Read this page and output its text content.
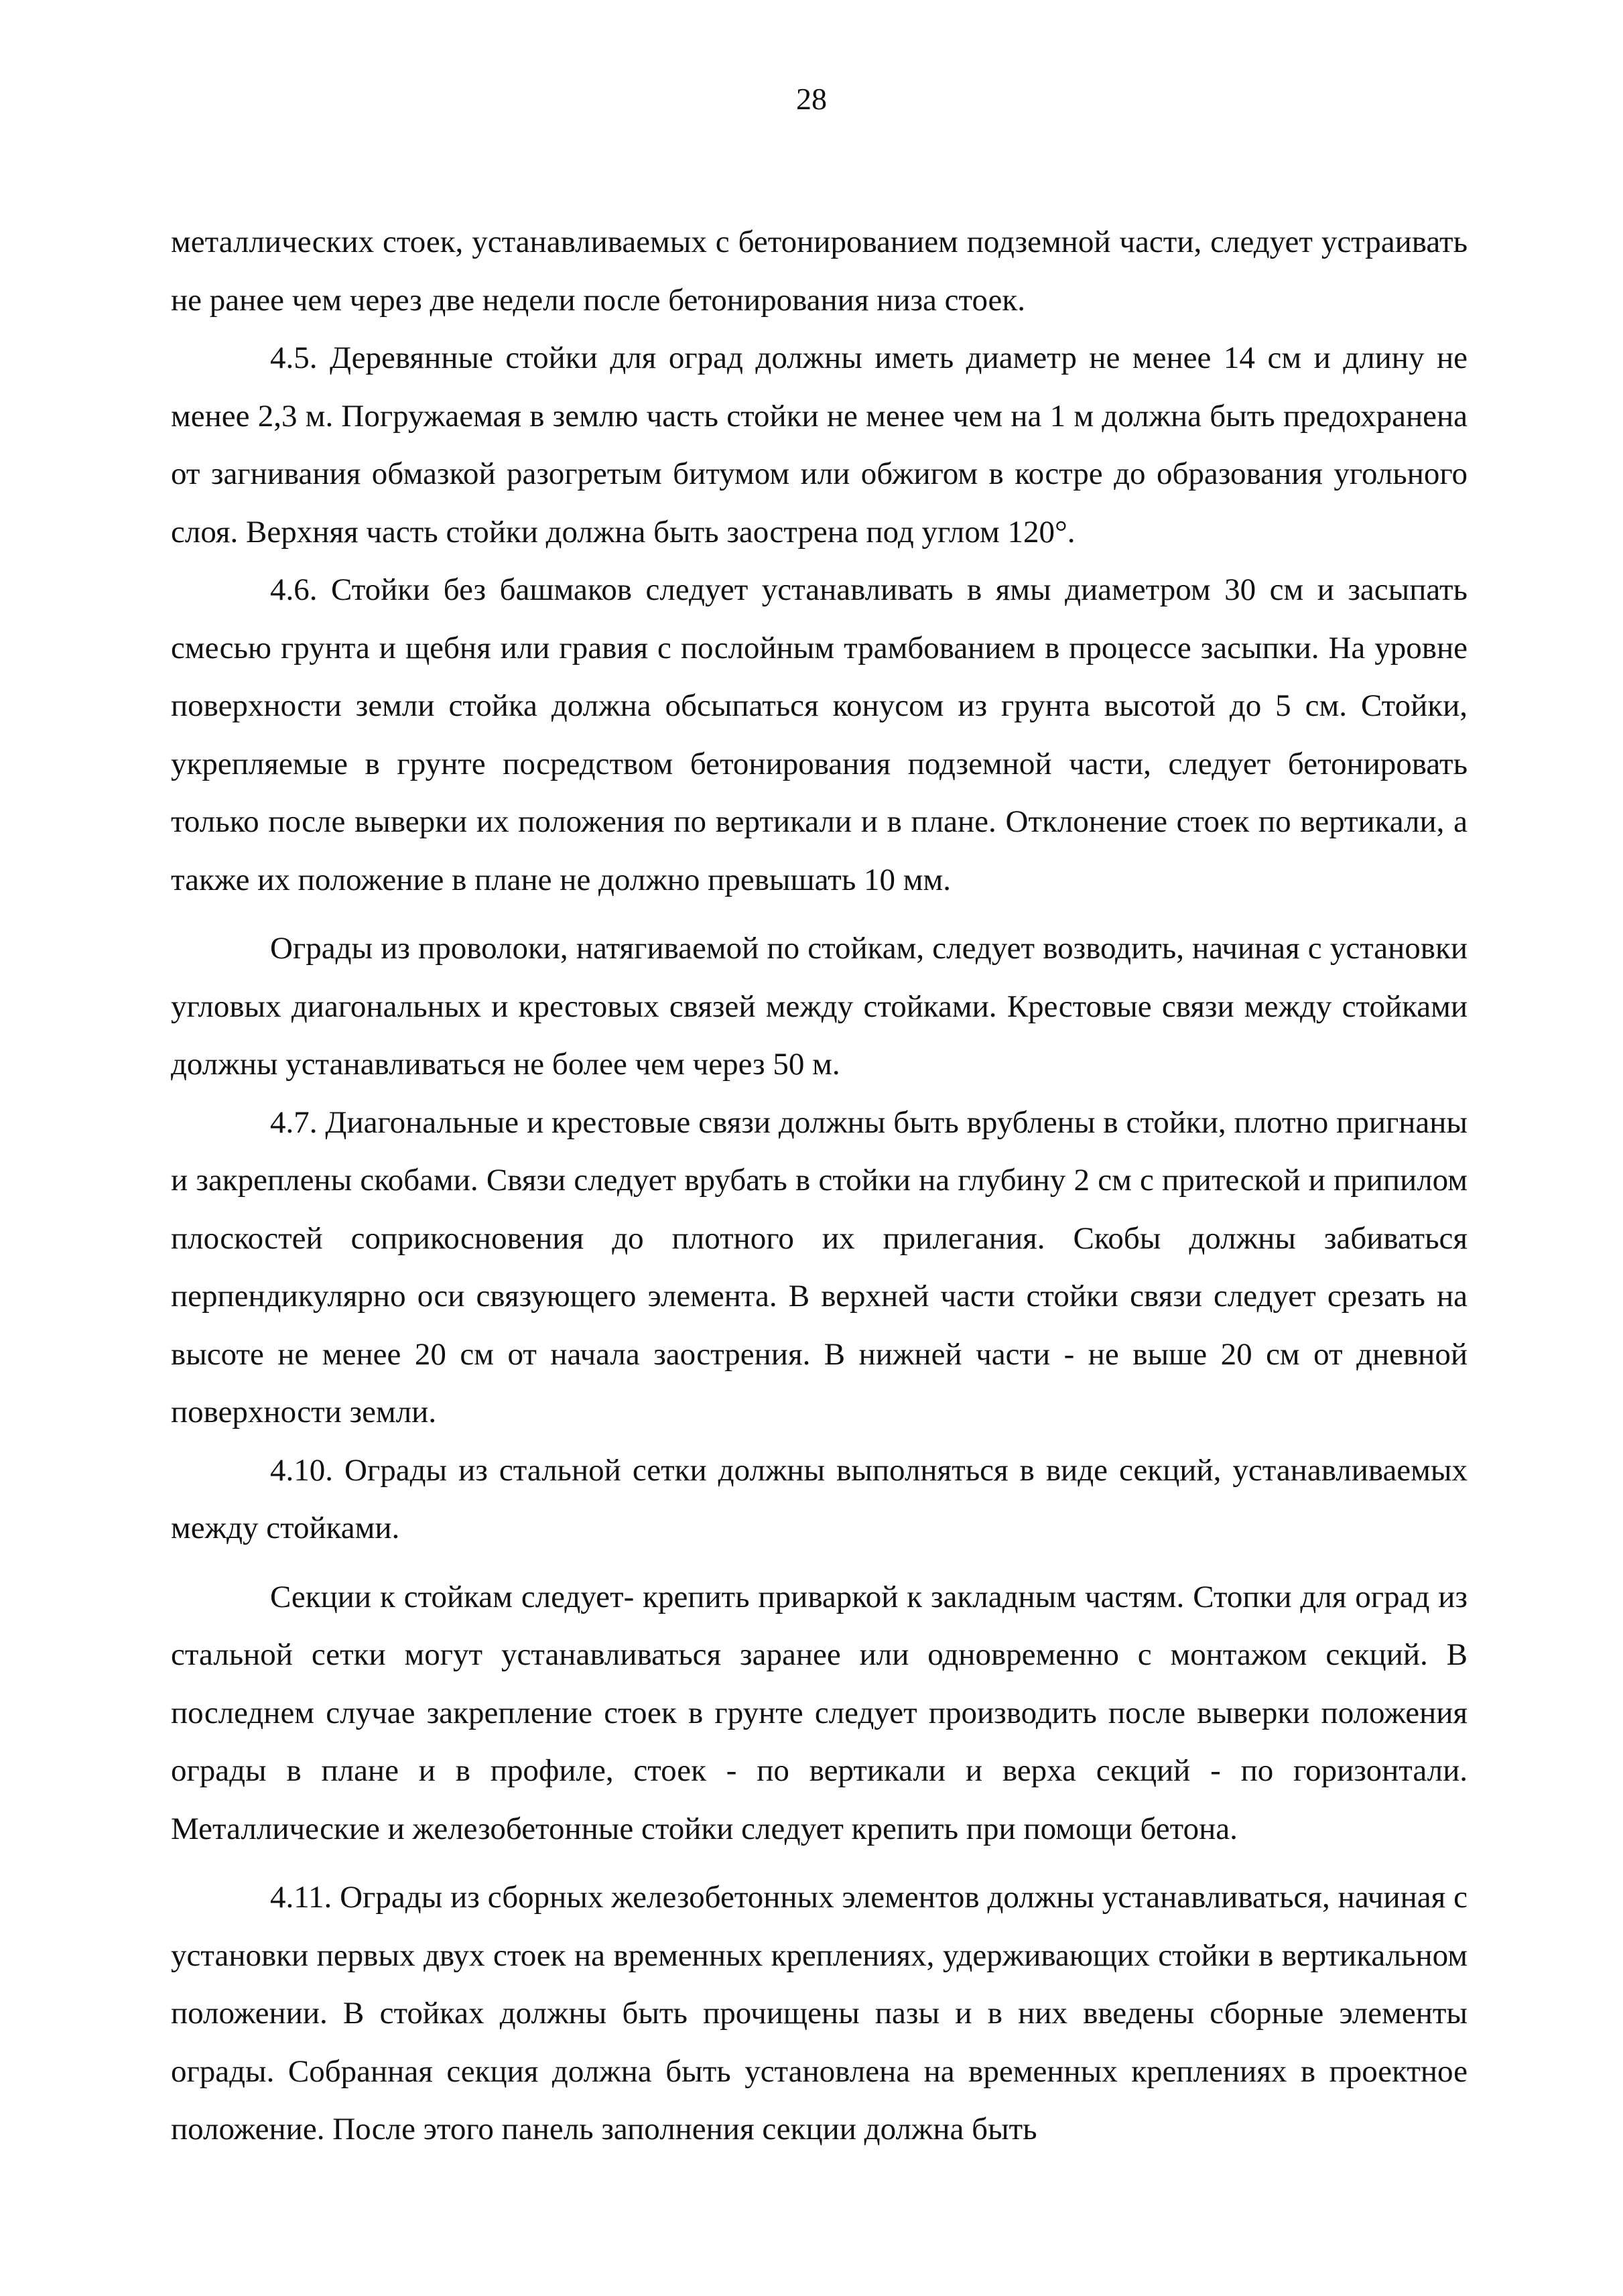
28

металлических стоек, устанавливаемых с бетонированием подземной части, следует устраивать не ранее чем через две недели после бетонирования низа стоек.

4.5. Деревянные стойки для оград должны иметь диаметр не менее 14 см и длину не менее 2,3 м. Погружаемая в землю часть стойки не менее чем на 1 м должна быть предохранена от загнивания обмазкой разогретым битумом или обжигом в костре до образования угольного слоя. Верхняя часть стойки должна быть заострена под углом 120°.

4.6. Стойки без башмаков следует устанавливать в ямы диаметром 30 см и засыпать смесью грунта и щебня или гравия с послойным трамбованием в процессе засыпки. На уровне поверхности земли стойка должна обсыпаться конусом из грунта высотой до 5 см. Стойки, укрепляемые в грунте посредством бетонирования подземной части, следует бетонировать только после выверки их положения по вертикали и в плане. Отклонение стоек по вертикали, а также их положение в плане не должно превышать 10 мм.

Ограды из проволоки, натягиваемой по стойкам, следует возводить, начиная с установки угловых диагональных и крестовых связей между стойками. Крестовые связи между стойками должны устанавливаться не более чем через 50 м.

4.7. Диагональные и крестовые связи должны быть врублены в стойки, плотно пригнаны и закреплены скобами. Связи следует врубать в стойки на глубину 2 см с притеской и припилом плоскостей соприкосновения до плотного их прилегания. Скобы должны забиваться перпендикулярно оси связующего элемента. В верхней части стойки связи следует срезать на высоте не менее 20 см от начала заострения. В нижней части - не выше 20 см от дневной поверхности земли.

4.10. Ограды из стальной сетки должны выполняться в виде секций, устанавливаемых между стойками.

Секции к стойкам следует- крепить приваркой к закладным частям. Стопки для оград из стальной сетки могут устанавливаться заранее или одновременно с монтажом секций. В последнем случае закрепление стоек в грунте следует производить после выверки положения ограды в плане и в профиле, стоек - по вертикали и верха секций - по горизонтали. Металлические и железобетонные стойки следует крепить при помощи бетона.

4.11. Ограды из сборных железобетонных элементов должны устанавливаться, начиная с установки первых двух стоек на временных креплениях, удерживающих стойки в вертикальном положении. В стойках должны быть прочищены пазы и в них введены сборные элементы ограды. Собранная секция должна быть установлена на временных креплениях в проектное положение. После этого панель заполнения секции должна быть
